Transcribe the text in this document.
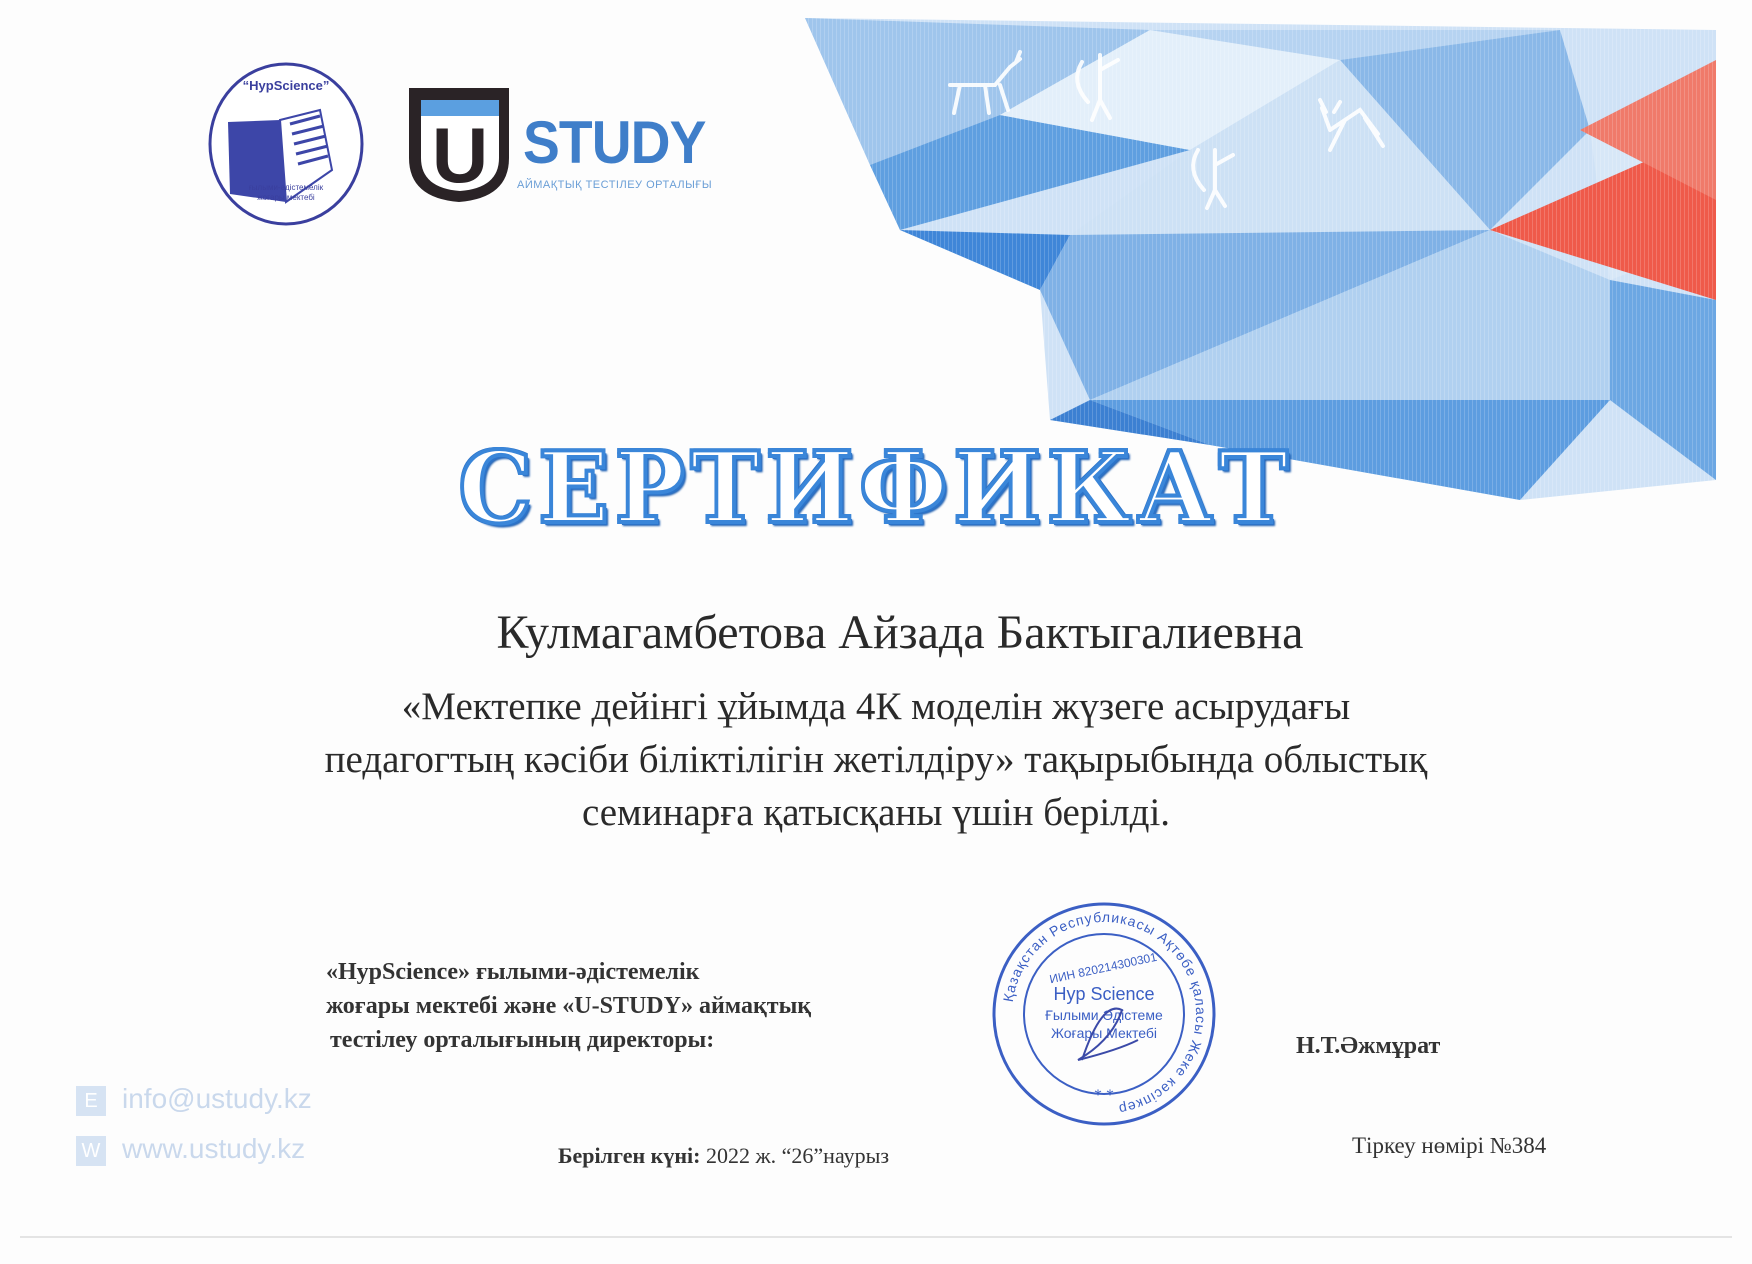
“HypScience”
ғылыми-әдістемелік
жоғары мектебі U STUDY
АЙМАҚТЫҚ ТЕСТІЛЕУ ОРТАЛЫҒЫ
СЕРТИФИКАТ
Кулмагамбетова Айзада Бактыгалиевна
«Мектепке дейінгі ұйымда 4К моделін жүзеге асырудағы
педагогтың кәсіби біліктілігін жетілдіру» тақырыбында облыстық
семинарға қатысқаны үшін берілді.
«HypScience» ғылыми-әдістемелік
жоғары мектебі және «U-STUDY» аймақтық
тестілеу орталығының директоры:
Қазақстан Республикасы Ақтөбе қаласы Жеке кәсіпкер
ИИН 820214300301
Hyp Science
Ғылыми Әдістеме
Жоғары Мектебі
* *
Н.Т.Әжмұрат
E info@ustudy.kz
W www.ustudy.kz	Берілген күні: 2022 ж. “26”наурыз	Тіркеу нөмірі №384
